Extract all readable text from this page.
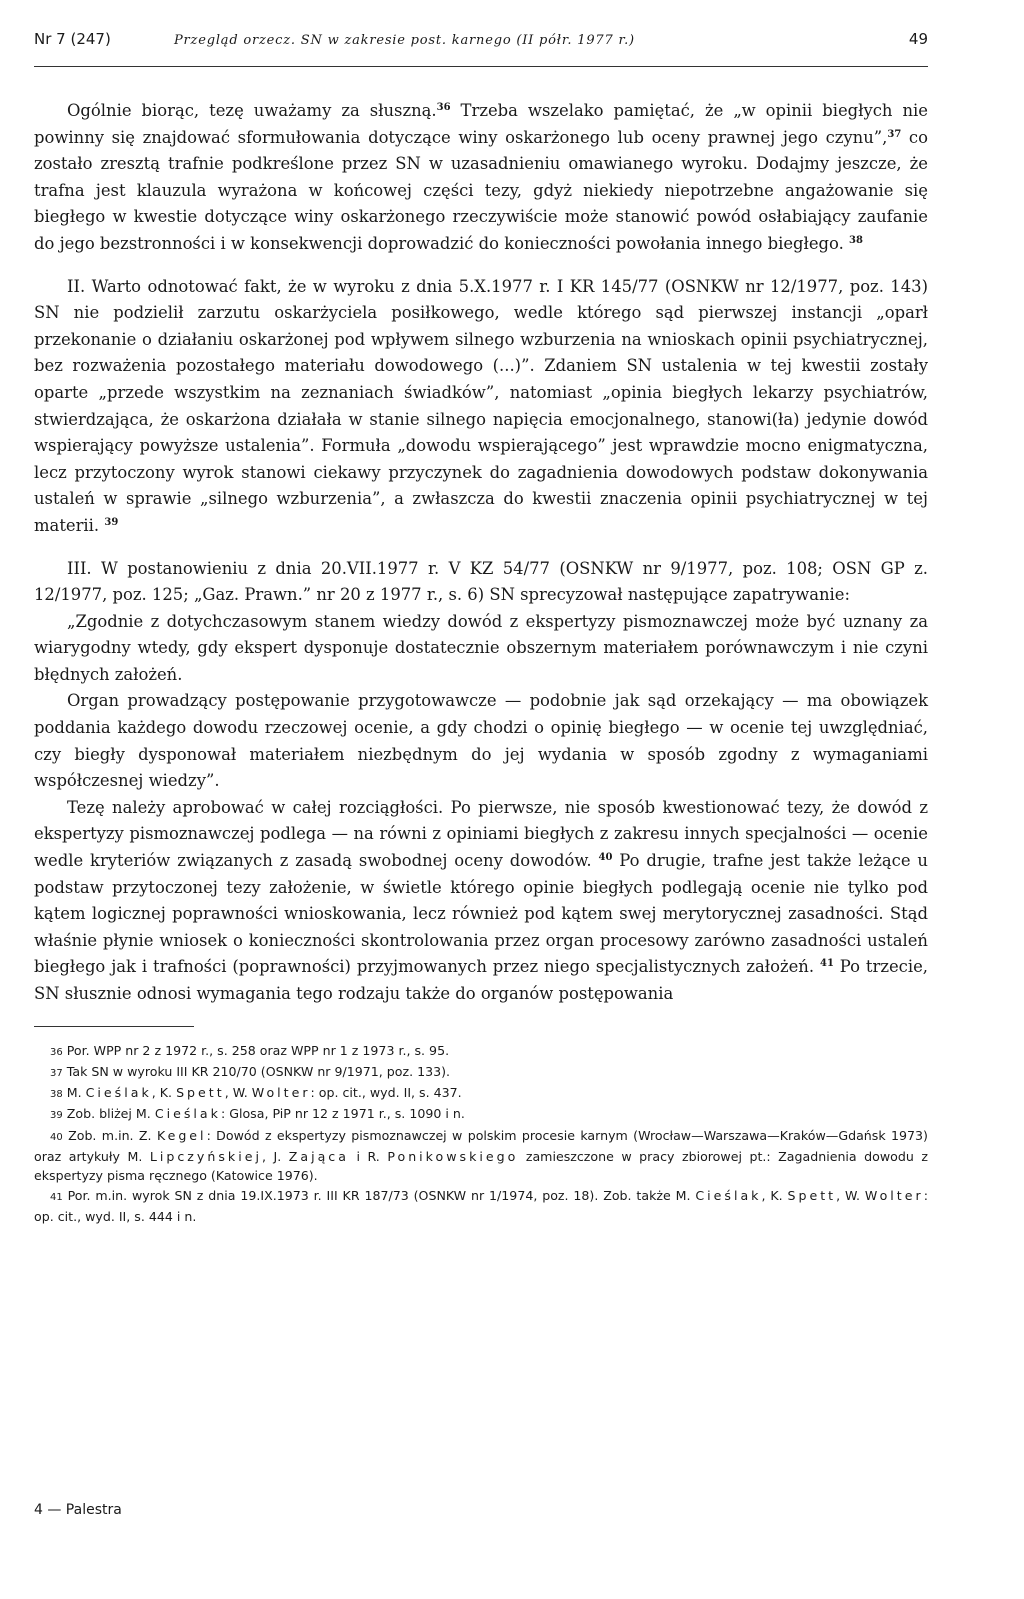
Nr 7 (247)	Przegląd orzecz. SN w zakresie post. karnego (II półr. 1977 r.)	49

Ogólnie biorąc, tezę uważamy za słuszną.$^{36}$ Trzeba wszelako pamiętać, że „w opinii biegłych nie powinny się znajdować sformułowania dotyczące winy oskarżonego lub oceny prawnej jego czynu”,$^{37}$ co zostało zresztą trafnie podkreślone przez SN w uzasadnieniu omawianego wyroku. Dodajmy jeszcze, że trafna jest klauzula wyrażona w końcowej części tezy, gdyż niekiedy niepotrzebne angażowanie się biegłego w kwestie dotyczące winy oskarżonego rzeczywiście może stanowić powód osłabiający zaufanie do jego bezstronności i w konsekwencji doprowadzić do konieczności powołania innego biegłego. $^{38}$

II. Warto odnotować fakt, że w wyroku z dnia 5.X.1977 r. I KR 145/77 (OSNKW nr 12/1977, poz. 143) SN nie podzielił zarzutu oskarżyciela posiłkowego, wedle którego sąd pierwszej instancji „oparł przekonanie o działaniu oskarżonej pod wpływem silnego wzburzenia na wnioskach opinii psychiatrycznej, bez rozważenia pozostałego materiału dowodowego (...)”. Zdaniem SN ustalenia w tej kwestii zostały oparte „przede wszystkim na zeznaniach świadków”, natomiast „opinia biegłych lekarzy psychiatrów, stwierdzająca, że oskarżona działała w stanie silnego napięcia emocjonalnego, stanowi(ła) jedynie dowód wspierający powyższe ustalenia”. Formuła „dowodu wspierającego” jest wprawdzie mocno enigmatyczna, lecz przytoczony wyrok stanowi ciekawy przyczynek do zagadnienia dowodowych podstaw dokonywania ustaleń w sprawie „silnego wzburzenia”, a zwłaszcza do kwestii znaczenia opinii psychiatrycznej w tej materii. $^{39}$

III. W postanowieniu z dnia 20.VII.1977 r. V KZ 54/77 (OSNKW nr 9/1977, poz. 108; OSN GP z. 12/1977, poz. 125; „Gaz. Prawn.” nr 20 z 1977 r., s. 6) SN sprecyzował następujące zapatrywanie:

„Zgodnie z dotychczasowym stanem wiedzy dowód z ekspertyzy pismoznawczej może być uznany za wiarygodny wtedy, gdy ekspert dysponuje dostatecznie obszernym materiałem porównawczym i nie czyni błędnych założeń.

Organ prowadzący postępowanie przygotowawcze — podobnie jak sąd orzekający — ma obowiązek poddania każdego dowodu rzeczowej ocenie, a gdy chodzi o opinię biegłego — w ocenie tej uwzględniać, czy biegły dysponował materiałem niezbędnym do jej wydania w sposób zgodny z wymaganiami współczesnej wiedzy”.

Tezę należy aprobować w całej rozciągłości. Po pierwsze, nie sposób kwestionować tezy, że dowód z ekspertyzy pismoznawczej podlega — na równi z opiniami biegłych z zakresu innych specjalności — ocenie wedle kryteriów związanych z zasadą swobodnej oceny dowodów. $^{40}$ Po drugie, trafne jest także leżące u podstaw przytoczonej tezy założenie, w świetle którego opinie biegłych podlegają ocenie nie tylko pod kątem logicznej poprawności wnioskowania, lecz również pod kątem swej merytorycznej zasadności. Stąd właśnie płynie wniosek o konieczności skontrolowania przez organ procesowy zarówno zasadności ustaleń biegłego jak i trafności (poprawności) przyjmowanych przez niego specjalistycznych założeń. $^{41}$ Po trzecie, SN słusznie odnosi wymagania tego rodzaju także do organów postępowania

36 Por. WPP nr 2 z 1972 r., s. 258 oraz WPP nr 1 z 1973 r., s. 95.

37 Tak SN w wyroku III KR 210/70 (OSNKW nr 9/1971, poz. 133).

38 M. Cieślak, K. Spett, W. Wolter: op. cit., wyd. II, s. 437.

39 Zob. bliżej M. Cieślak: Glosa, PiP nr 12 z 1971 r., s. 1090 i n.

40 Zob. m.in. Z. Kegel: Dowód z ekspertyzy pismoznawczej w polskim procesie karnym (Wrocław—Warszawa—Kraków—Gdańsk 1973) oraz artykuły M. Lipczyńskiej, J. Zająca i R. Ponikowskiego zamieszczone w pracy zbiorowej pt.: Zagadnienia dowodu z ekspertyzy pisma ręcznego (Katowice 1976).

41 Por. m.in. wyrok SN z dnia 19.IX.1973 r. III KR 187/73 (OSNKW nr 1/1974, poz. 18). Zob. także M. Cieślak, K. Spett, W. Wolter: op. cit., wyd. II, s. 444 i n.

4 — Palestra
